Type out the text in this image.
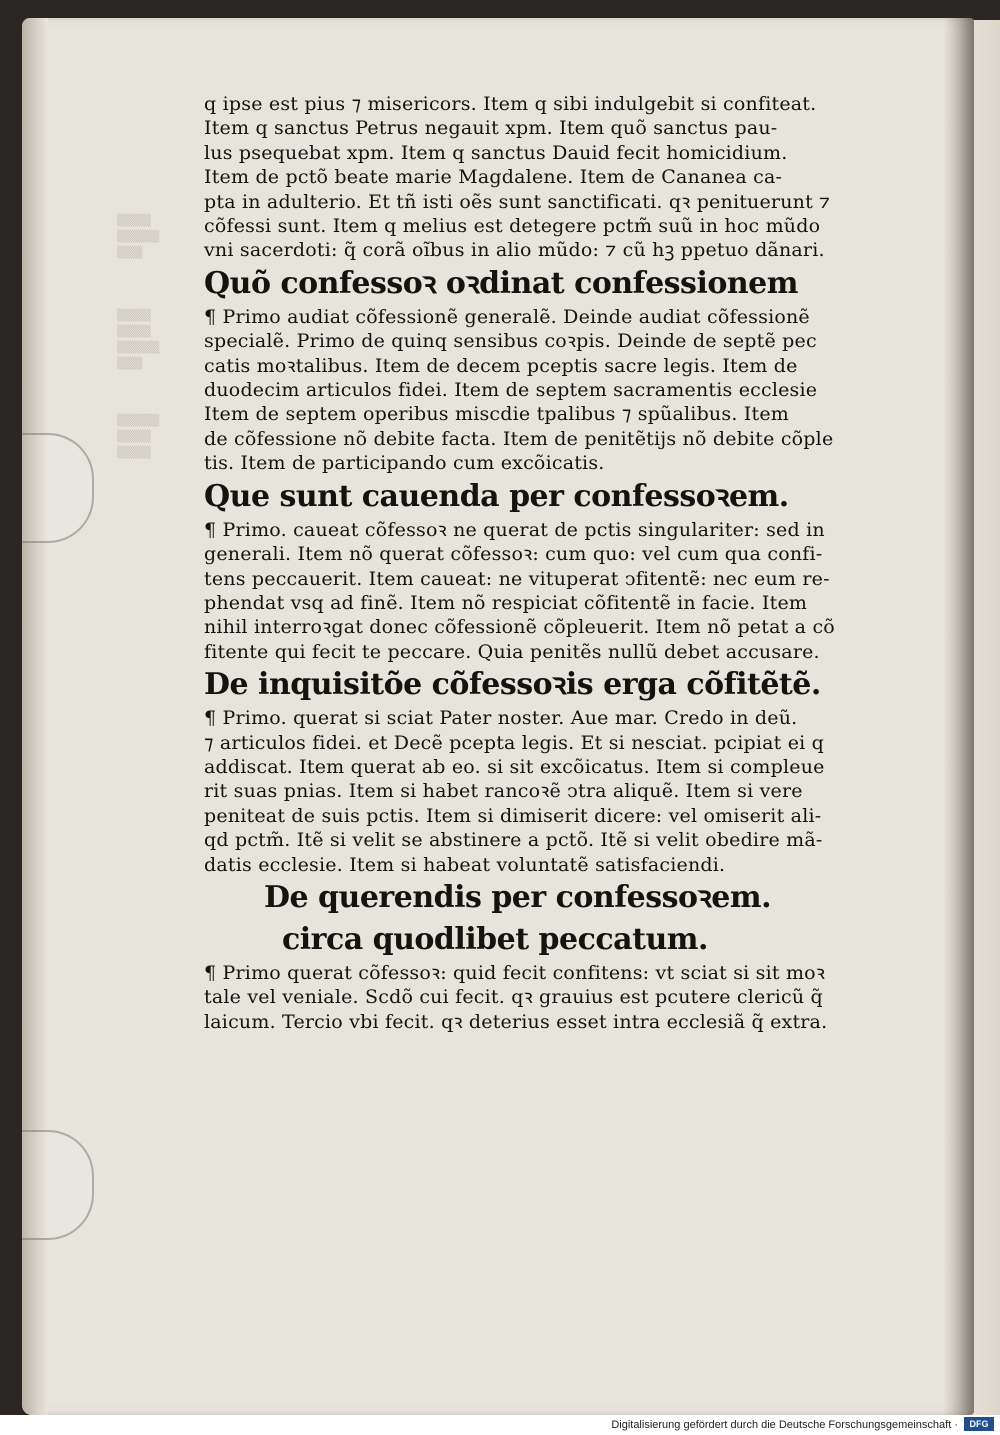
▒▒▒▒
▒▒▒▒▒
▒▒▒
▒▒▒▒
▒▒▒▒
▒▒▒▒▒
▒▒▒
▒▒▒▒▒
▒▒▒▒
▒▒▒▒
q ipse est pius ⁊ misericors. Item q sibi indulgebit si confiteat.
Item q sanctus Petrus negauit xpm. Item quõ sanctus pau-
lus psequebat xpm. Item q sanctus Dauid fecit homicidium.
Item de pctõ beate marie Magdalene. Item de Cananea ca-
pta in adulterio. Et tñ isti oẽs sunt sanctificati. qꝛ penituerunt ⁊
cõfessi sunt. Item q melius est detegere pctm̃ suũ in hoc mũdo
vni sacerdoti: q̃ corã oĩbus in alio mũdo: ⁊ cũ hꝫ ppetuo dãnari.
Quõ confessoꝛ oꝛdinat confessionem
¶ Primo audiat cõfessionẽ generalẽ. Deinde audiat cõfessionẽ
specialẽ. Primo de quinq sensibus coꝛpis. Deinde de septẽ pec
catis moꝛtalibus. Item de decem pceptis sacre legis. Item de
duodecim articulos fidei. Item de septem sacramentis ecclesie
Item de septem operibus miscdie tpalibus ⁊ spũalibus. Item
de cõfessione nõ debite facta. Item de penitẽtijs nõ debite cõple
tis. Item de participando cum excõicatis.
Que sunt cauenda per confessoꝛem.
¶ Primo. caueat cõfessoꝛ ne querat de pctis singulariter: sed in
generali. Item nõ querat cõfessoꝛ: cum quo: vel cum qua confi-
tens peccauerit. Item caueat: ne vituperat ↄfitentẽ: nec eum re-
phendat vsq ad finẽ. Item nõ respiciat cõfitentẽ in facie. Item
nihil interroꝛgat donec cõfessionẽ cõpleuerit. Item nõ petat a cõ
fitente qui fecit te peccare. Quia penitẽs nullũ debet accusare.
De inquisitõe cõfessoꝛis erga cõfitẽtẽ.
¶ Primo. querat si sciat Pater noster. Aue mar. Credo in deũ.
⁊ articulos fidei. et Decẽ pcepta legis. Et si nesciat. pcipiat ei q
addiscat. Item querat ab eo. si sit excõicatus. Item si compleue
rit suas pnias. Item si habet rancoꝛẽ ↄtra aliquẽ. Item si vere
peniteat de suis pctis. Item si dimiserit dicere: vel omiserit ali-
qd pctm̃. Itẽ si velit se abstinere a pctõ. Itẽ si velit obedire mã-
datis ecclesie. Item si habeat voluntatẽ satisfaciendi.
De querendis per confessoꝛem.
circa quodlibet peccatum.
¶ Primo querat cõfessoꝛ: quid fecit confitens: vt sciat si sit moꝛ
tale vel veniale. Scdõ cui fecit. qꝛ grauius est pcutere clericũ q̃
laicum. Tercio vbi fecit. qꝛ deterius esset intra ecclesiã q̃ extra.
Digitalisierung gefördert durch die Deutsche Forschungsgemeinschaft ·	DFG
